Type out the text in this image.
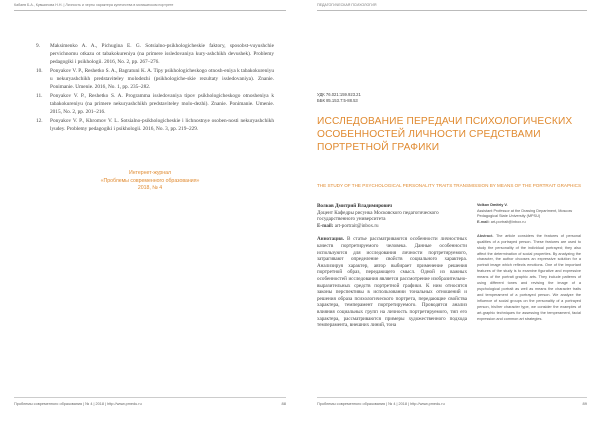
Кабаев Б.А., Кувшинова Н.Н. | Личность и черты характера купечества в монашеском портрете
9. Maksimenko A. A., Pichugina E. G. Sotsialno-psikhologicheskie faktory, sposobst-vuyushchie pervichnomu otkazu ot tabakokureniya (na primere issledovaniya kury-ashchikh devushek). Problemy pedagogiki i psikhologii. 2016, No. 2, pp. 267–276.
10. Ponyakov V. P., Reshetko S. A., Bagratuni K. A. Tipy psikhologicheskogo otnosh-eniya k tabakokureniyu u nekuryashchikh predstaviteley molodezhi (psikhologiche-skie rezultaty issledovaniya). Znanie. Ponimanie. Umenie. 2016, No. 1, pp. 235–282.
11. Ponyakov V. P., Reshetko S. A. Programma issledovaniya tipov psikhologicheskogo otnosheniya k tabakokureniyu (na primere nekuryashchikh predstaviteley molo-dezhi). Znanie. Ponimanie. Umenie. 2015, No. 2, pp. 201–216.
12. Ponyakov V. P., Khromov V. L. Sotsialno-psikhologicheskie i lichnostnye osoben-nosti nekuryashchikh lyudey. Problemy pedagogiki i psikhologii. 2016, No. 3, pp. 219–229.
Интернет-журнал
«Проблемы современного образования»
2018, № 4
Проблемы современного образования | № 4 | 2018 | http://www.pmedu.ru	88
ПЕДАГОГИЧЕСКАЯ ПСИХОЛОГИЯ
Проблемы современного образования | № 4 | 2018 | http://www.pmedu.ru	89
УДК 76.021:159.923.21
ББК 85.153.7:5-88.53
ИССЛЕДОВАНИЕ ПЕРЕДАЧИ ПСИХОЛОГИЧЕСКИХ ОСОБЕННОСТЕЙ ЛИЧНОСТИ СРЕДСТВАМИ ПОРТРЕТНОЙ ГРАФИКИ
THE STUDY OF THE PSYCHOLOGICAL PERSONALITY TRAITS TRANSMISSION BY MEANS OF THE PORTRAIT GRAPHICS
Волков Дмитрий Владимирович
Доцент Кафедры рисунка Московского педагогического государственного университета
E-mail: art-portrait@inbox.ru
Аннотация. В статье рассматриваются особенности личностных качеств портретируемого человека. Данные особенности используются для исследования личности портретируемого, затрагивают определение свойств социального характера. Анализируя характер, автор выбирает применение решения портретной образ, передающего смысл. Одной из важных особенностей исследования является рассмотрение изобразительно-выразительных средств портретной графики. К ним относятся законы перспективы в использовании тональных отношений и решения образа психологического портрета, передающие свойства характера, темперамент портретируемого. Проводятся анализ влияния социальных групп на личность портретируемого, тип его характера, рассматриваются примеры художественного подхода темперамента, внешних линий, тона
Volkov Dmitriy V.
Assistant Professor at the Drawing Department, Moscow Pedagogical State University (MPSU)
E-mail: art-portrait@inbox.ru
Abstract. The article considers the features of personal qualities of a portrayed person. These features are used to study the personality of the individual portrayed; they also affect the determination of social properties. By analyzing the character, the author chooses an expressive solution for a portrait image which reflects emotions. One of the important features of the study is to examine figurative and expressive means of the portrait graphic arts. They include patterns of using different tones and revising the image of a psychological portrait as well as means the character traits and temperament of a portrayed person. We analyze the influence of social groups on the personality of a portrayed person, his/her character type, we consider the examples of art-graphic techniques for assessing the temperament, facial expression and common art strategies.
